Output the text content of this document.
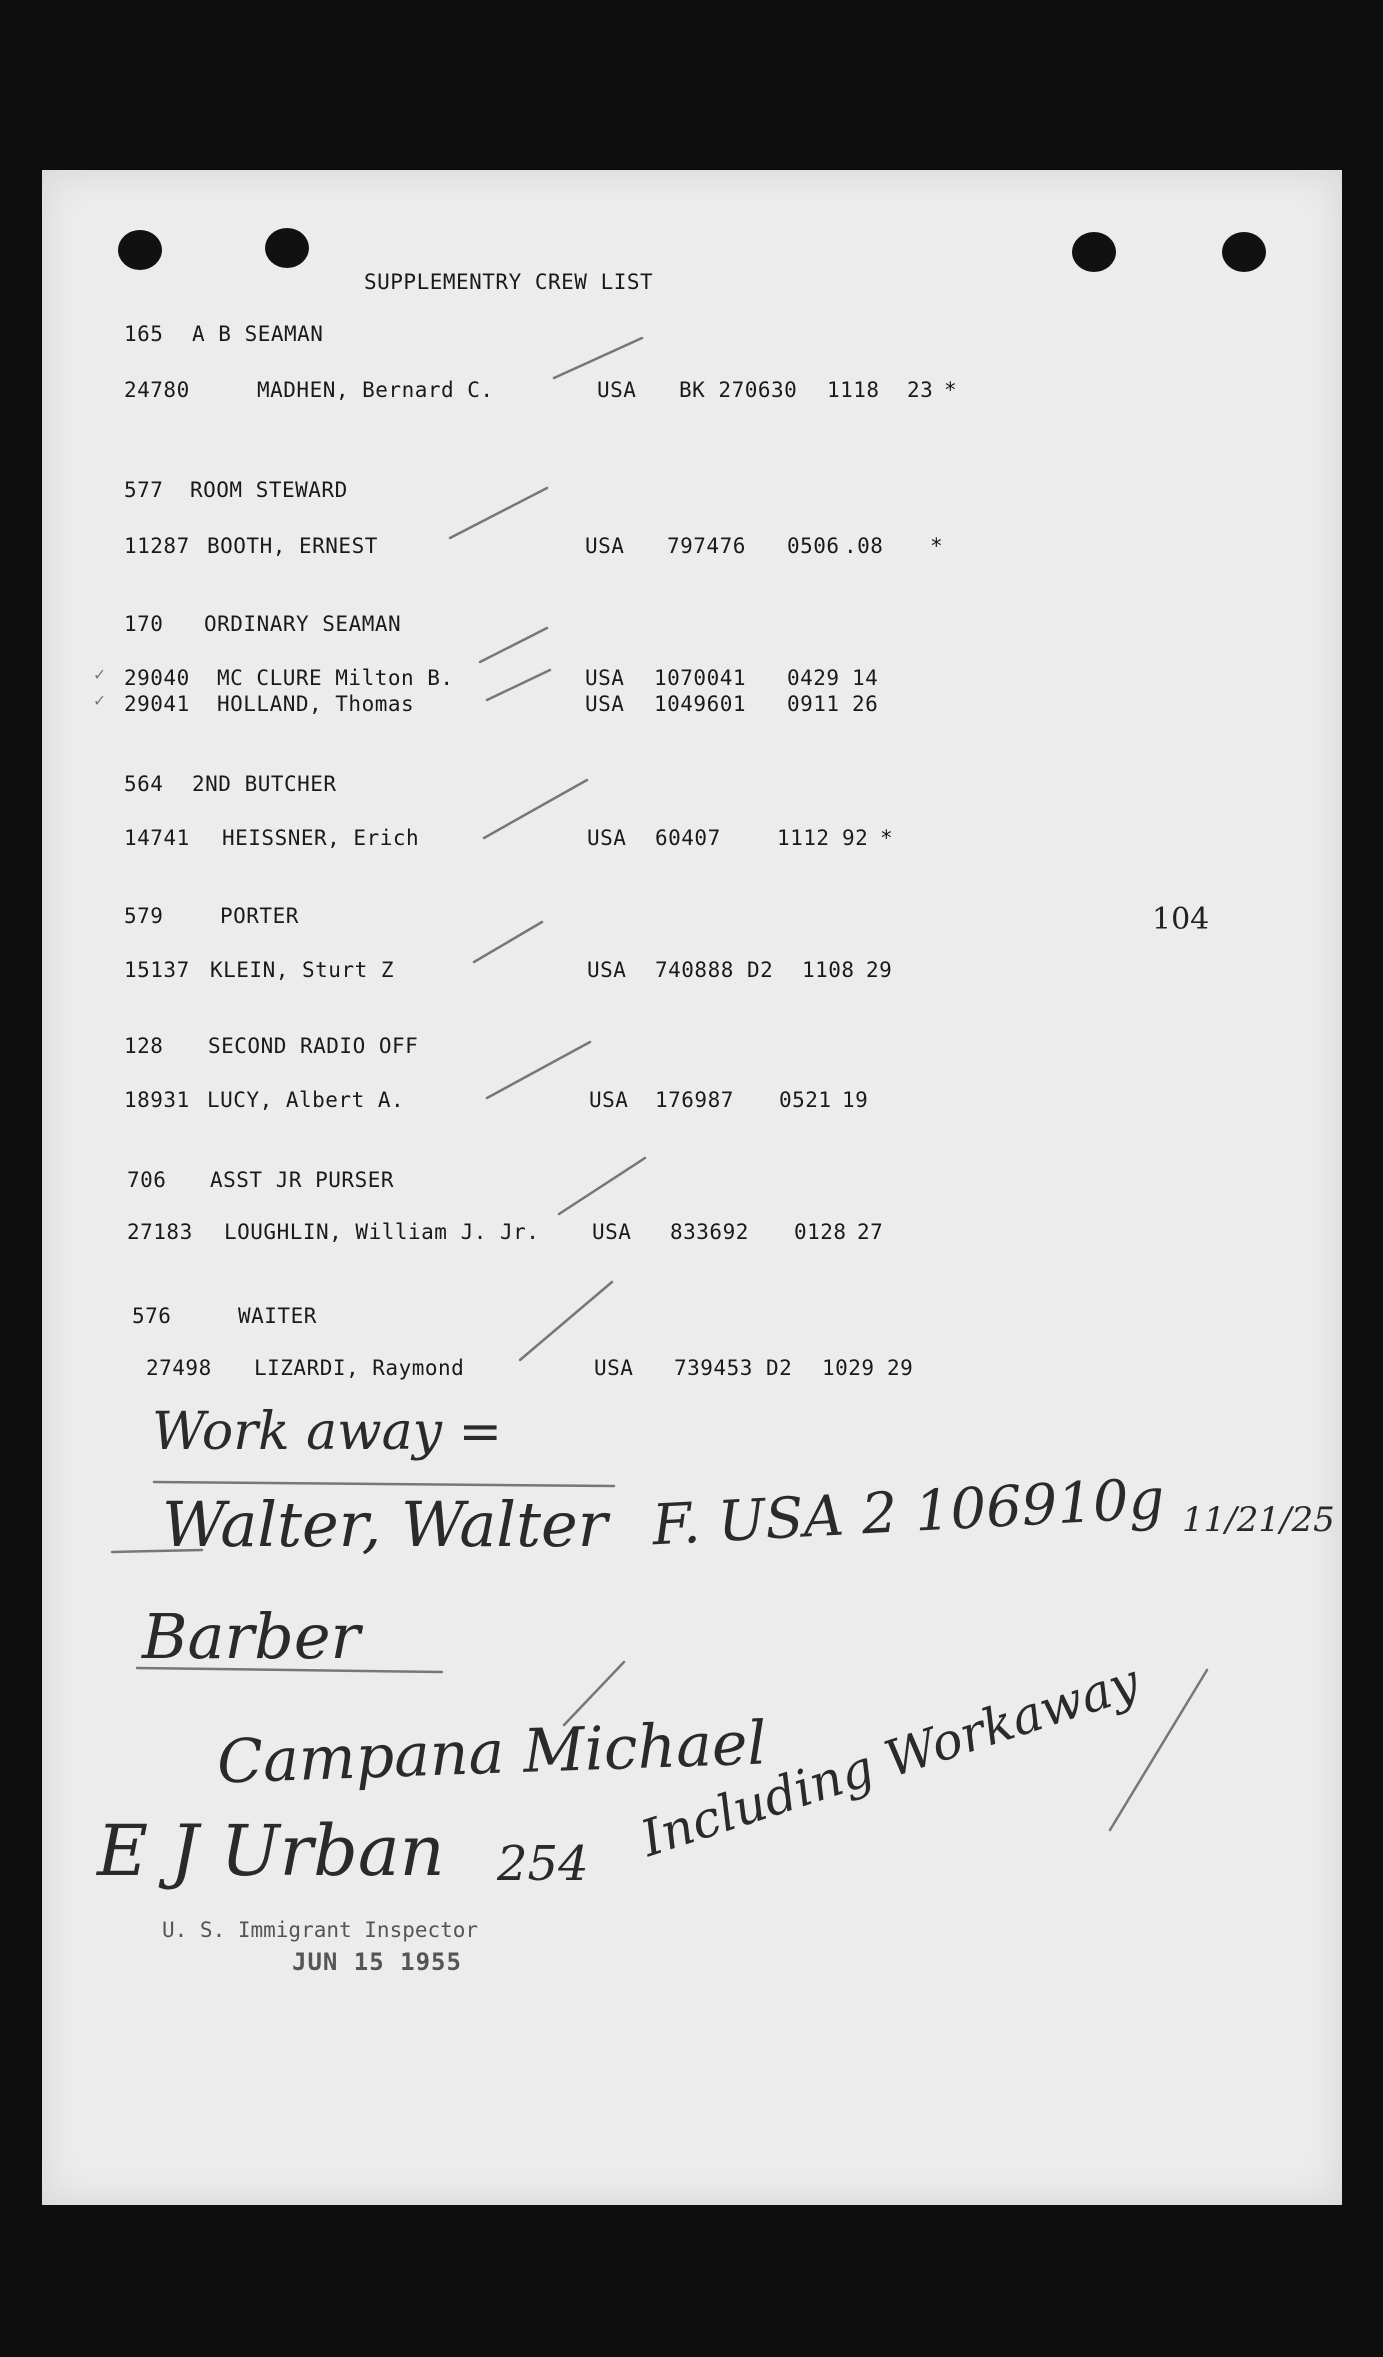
SUPPLEMENTRY CREW LIST
104
165 A B SEAMAN
24780	MADHEN, Bernard C.	USA BK 270630 1118 23 *
577 ROOM STEWARD
11287 BOOTH, ERNEST	USA 797476 0506 .08 *
170 ORDINARY SEAMAN
✓ 29040 MC CLURE Milton B.	USA 1070041 0429 14
✓ 29041 HOLLAND, Thomas	USA 1049601 0911 26
564 2ND BUTCHER
14741 HEISSNER, Erich	USA 60407	1112 92 *
579	PORTER
15137 KLEIN, Sturt Z	USA 740888 D2 1108 29
128 SECOND RADIO OFF
18931 LUCY, Albert A.	USA 176987 0521 19
706 ASST JR PURSER
27183 LOUGHLIN, William J. Jr.	USA 833692 0128 27
576	WAITER
27498 LIZARDI, Raymond	USA 739453 D2 1029 29
Work away =
Walter, Walter F. USA 2 106910g 11/21/25
Barber
Campana Michael
E J Urban 254 Including Workaway
U. S. Immigrant Inspector
JUN 15 1955
